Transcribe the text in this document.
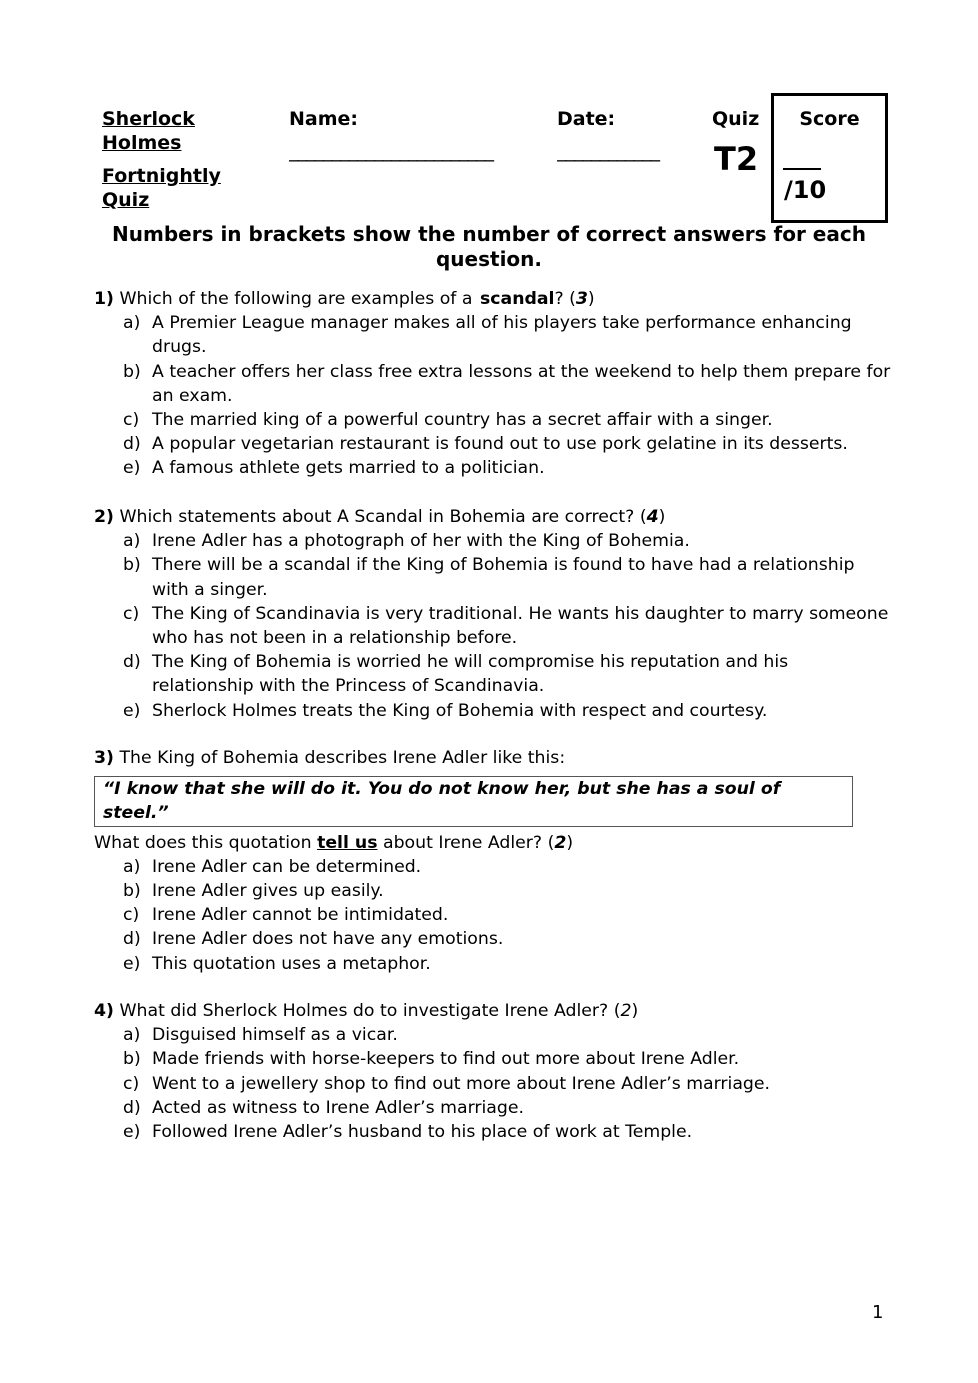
Sherlock Holmes
Fortnightly Quiz
Name:
________________________
Date:
____________
Quiz
T2
Score
/10
Numbers in brackets show the number of correct answers for each question.

1) Which of the following are examples of a scandal? (3)

a) A Premier League manager makes all of his players take performance enhancing drugs.
b) A teacher offers her class free extra lessons at the weekend to help them prepare for an exam.
c) The married king of a powerful country has a secret affair with a singer.
d) A popular vegetarian restaurant is found out to use pork gelatine in its desserts.
e) A famous athlete gets married to a politician.

2) Which statements about A Scandal in Bohemia are correct? (4)

a) Irene Adler has a photograph of her with the King of Bohemia.
b) There will be a scandal if the King of Bohemia is found to have had a relationship with a singer.
c) The King of Scandinavia is very traditional. He wants his daughter to marry someone who has not been in a relationship before.
d) The King of Bohemia is worried he will compromise his reputation and his relationship with the Princess of Scandinavia.
e) Sherlock Holmes treats the King of Bohemia with respect and courtesy.

3) The King of Bohemia describes Irene Adler like this:

“I know that she will do it. You do not know her, but she has a soul of steel.”

What does this quotation tell us about Irene Adler? (2)

a) Irene Adler can be determined.
b) Irene Adler gives up easily.
c) Irene Adler cannot be intimidated.
d) Irene Adler does not have any emotions.
e) This quotation uses a metaphor.

4) What did Sherlock Holmes do to investigate Irene Adler? (2)

a) Disguised himself as a vicar.
b) Made friends with horse-keepers to find out more about Irene Adler.
c) Went to a jewellery shop to find out more about Irene Adler’s marriage.
d) Acted as witness to Irene Adler’s marriage.
e) Followed Irene Adler’s husband to his place of work at Temple.
1
